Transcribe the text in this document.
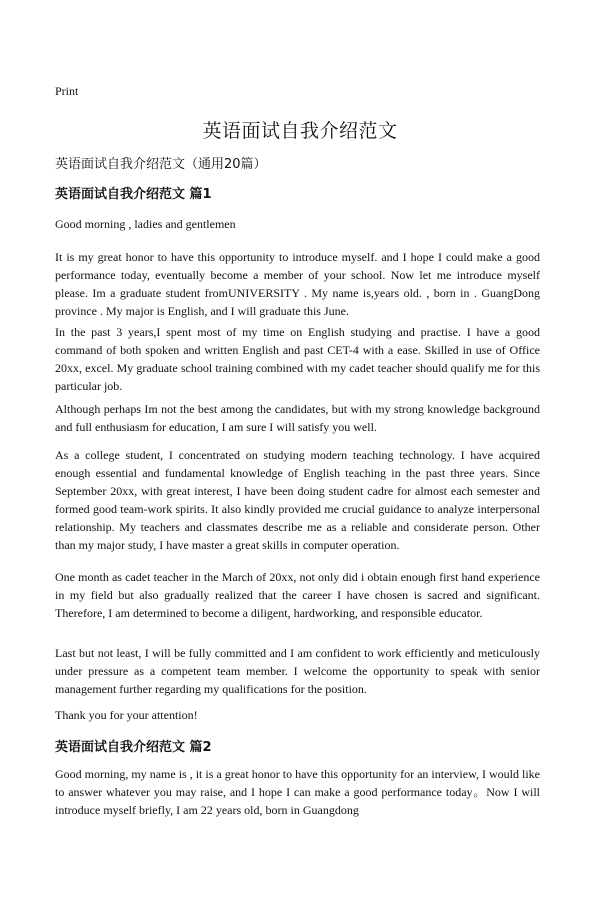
Print
英语面试自我介绍范文
英语面试自我介绍范文（通用20篇）
英语面试自我介绍范文 篇1
Good morning , ladies and gentlemen
It is my great honor to have this opportunity to introduce myself. and I hope I could make a good performance today, eventually become a member of your school. Now let me introduce myself please. Im a graduate student fromUNIVERSITY . My name is,years old. , born in . GuangDong province . My major is English, and I will graduate this June.
In the past 3 years,I spent most of my time on English studying and practise. I have a good command of both spoken and written English and past CET-4 with a ease. Skilled in use of Office 20xx, excel. My graduate school training combined with my cadet teacher should qualify me for this particular job.
Although perhaps Im not the best among the candidates, but with my strong knowledge background and full enthusiasm for education, I am sure I will satisfy you well.
As a college student, I concentrated on studying modern teaching technology. I have acquired enough essential and fundamental knowledge of English teaching in the past three years. Since September 20xx, with great interest, I have been doing student cadre for almost each semester and formed good team-work spirits. It also kindly provided me crucial guidance to analyze interpersonal relationship. My teachers and classmates describe me as a reliable and considerate person. Other than my major study, I have master a great skills in computer operation.
One month as cadet teacher in the March of 20xx, not only did i obtain enough first hand experience in my field but also gradually realized that the career I have chosen is sacred and significant. Therefore, I am determined to become a diligent, hardworking, and responsible educator.
Last but not least, I will be fully committed and I am confident to work efficiently and meticulously under pressure as a competent team member. I welcome the opportunity to speak with senior management further regarding my qualifications for the position.
Thank you for your attention!
英语面试自我介绍范文 篇2
Good morning, my name is , it is a great honor to have this opportunity for an interview, I would like to answer whatever you may raise, and I hope I can make a good performance today。Now I will introduce myself briefly, I am 22 years old, born in Guangdong
